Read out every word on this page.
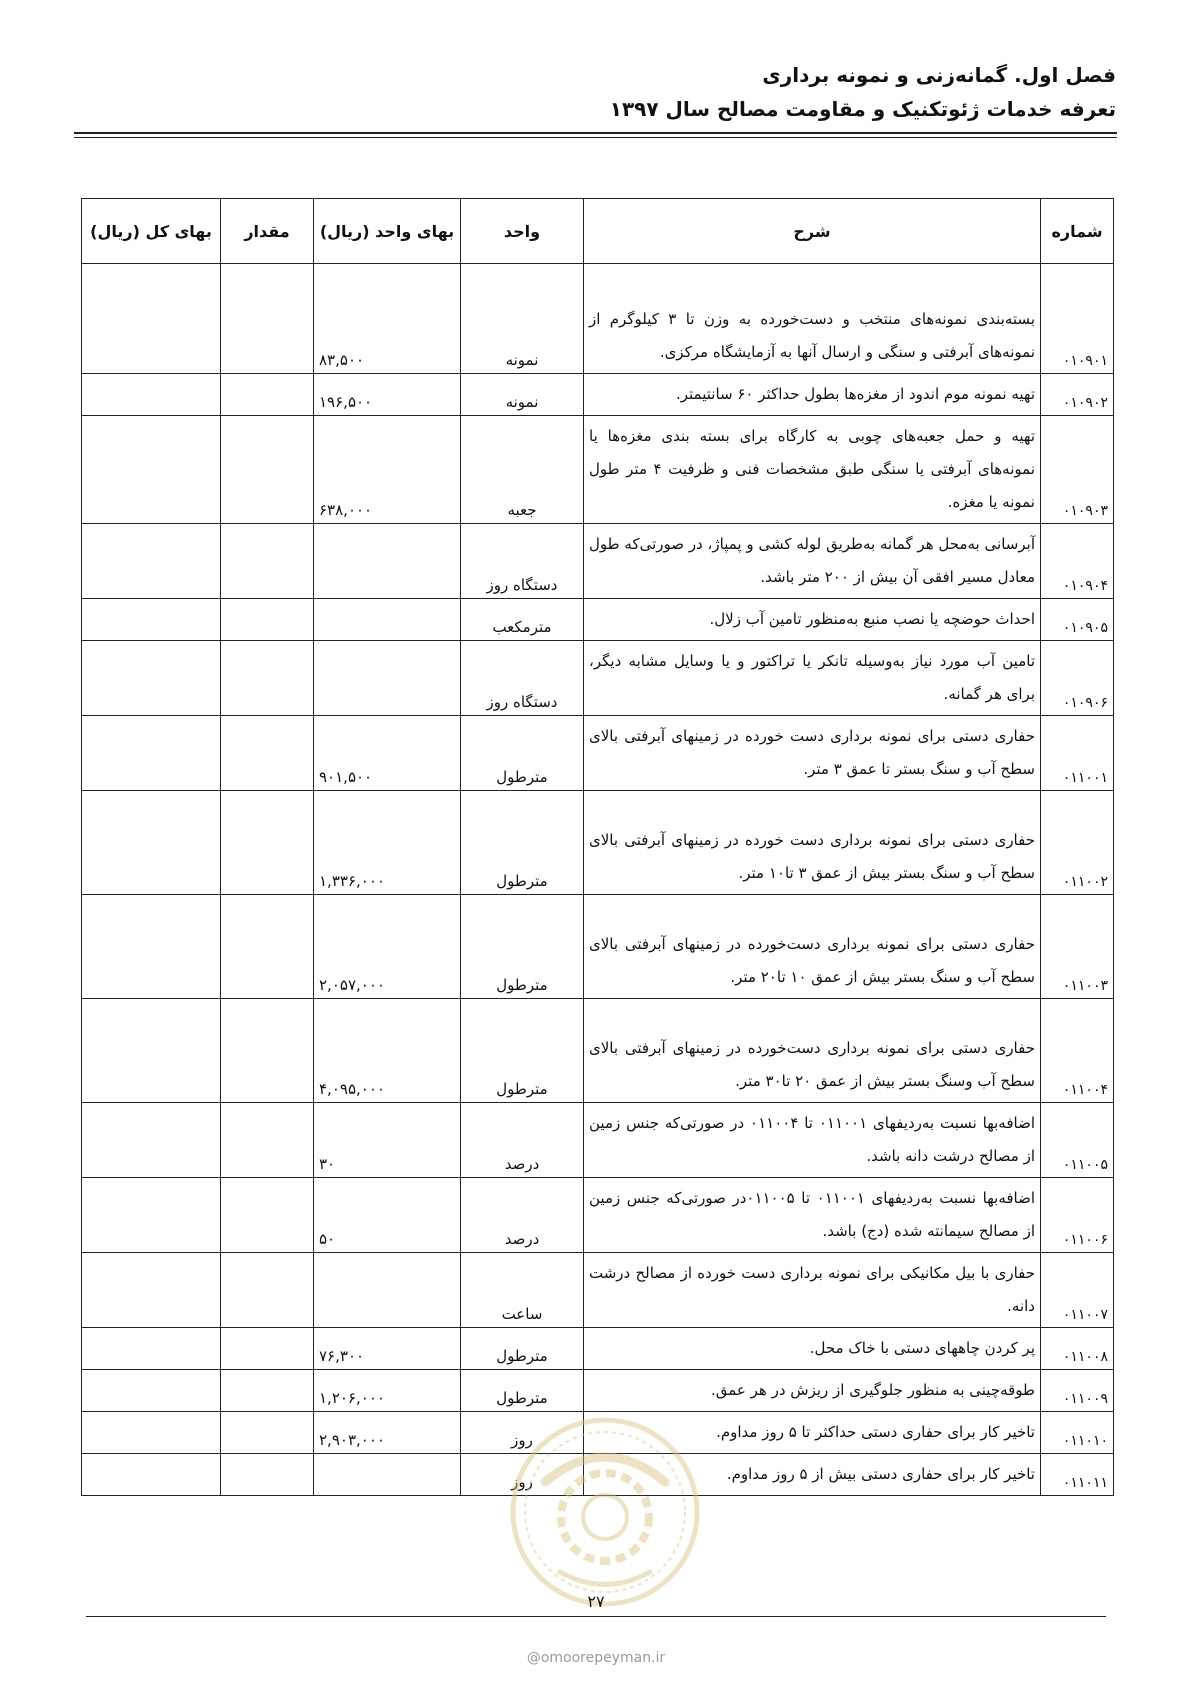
فصل اول. گمانه‌زنی و نمونه برداری
تعرفه خدمات ژئوتکنیک و مقاومت مصالح سال ۱۳۹۷
شماره	شرح	واحد	بهای واحد (ریال)	مقدار	بهای کل (ریال)
۰۱۰۹۰۱	بسته‌بندی نمونه‌های منتخب و دست‌خورده به وزن تا ۳ کیلوگرم از نمونه‌های آبرفتی و سنگی و ارسال آنها به آزمایشگاه مرکزی.	نمونه	۸۳,۵۰۰		
۰۱۰۹۰۲	تهیه نمونه موم اندود از مغزه‌ها بطول حداکثر ۶۰ سانتیمتر.	نمونه	۱۹۶,۵۰۰		
۰۱۰۹۰۳	تهیه و حمل جعبه‌های چوبی به کارگاه برای بسته بندی مغزه‌ها یا نمونه‌های آبرفتی یا سنگی طبق مشخصات فنی و ظرفیت ۴ متر طول نمونه یا مغزه.	جعبه	۶۳۸,۰۰۰		
۰۱۰۹۰۴	آبرسانی به‌محل هر گمانه به‌طریق لوله کشی و پمپاژ، در صورتی‌که طول معادل مسیر افقی آن بیش از ۲۰۰ متر باشد.	دستگاه روز			
۰۱۰۹۰۵	احداث حوضچه یا نصب منبع به‌منظور تامین آب زلال.	مترمکعب			
۰۱۰۹۰۶	تامین آب مورد نیاز به‌وسیله تانکر یا تراکتور و یا وسایل مشابه دیگر، برای هر گمانه.	دستگاه روز			
۰۱۱۰۰۱	حفاری دستی برای نمونه برداری دست خورده در زمینهای آبرفتی بالای سطح آب و سنگ بستر تا عمق ۳ متر.	مترطول	۹۰۱,۵۰۰		
۰۱۱۰۰۲	حفاری دستی برای نمونه برداری دست خورده در زمینهای آبرفتی بالای سطح آب و سنگ بستر بیش از عمق ۳ تا۱۰ متر.	مترطول	۱,۳۳۶,۰۰۰		
۰۱۱۰۰۳	حفاری دستی برای نمونه برداری دست‌خورده در زمینهای آبرفتی بالای سطح آب و سنگ بستر بیش از عمق ۱۰ تا۲۰ متر.	مترطول	۲,۰۵۷,۰۰۰		
۰۱۱۰۰۴	حفاری دستی برای نمونه برداری دست‌خورده در زمینهای آبرفتی بالای سطح آب وسنگ بستر بیش از عمق ۲۰ تا۳۰ متر.	مترطول	۴,۰۹۵,۰۰۰		
۰۱۱۰۰۵	اضافه‌بها نسبت به‌ردیفهای ۰۱۱۰۰۱ تا ۰۱۱۰۰۴ در صورتی‌که جنس زمین از مصالح درشت دانه باشد.	درصد	۳۰		
۰۱۱۰۰۶	اضافه‌بها نسبت به‌ردیفهای ۰۱۱۰۰۱ تا ۰۱۱۰۰۵در صورتی‌که جنس زمین از مصالح سیمانته شده (دج) باشد.	درصد	۵۰		
۰۱۱۰۰۷	حفاری با بیل مکانیکی برای نمونه برداری دست خورده از مصالح درشت دانه.	ساعت			
۰۱۱۰۰۸	پر کردن چاههای دستی با خاک محل.	مترطول	۷۶,۳۰۰		
۰۱۱۰۰۹	طوقه‌چینی به منظور جلوگیری از ریزش در هر عمق.	مترطول	۱,۲۰۶,۰۰۰		
۰۱۱۰۱۰	تاخیر کار برای حفاری دستی حداکثر تا ۵ روز مداوم.	روز	۲,۹۰۳,۰۰۰		
۰۱۱۰۱۱	تاخیر کار برای حفاری دستی بیش از ۵ روز مداوم.	روز			
۲۷
@omoorepeyman.ir
